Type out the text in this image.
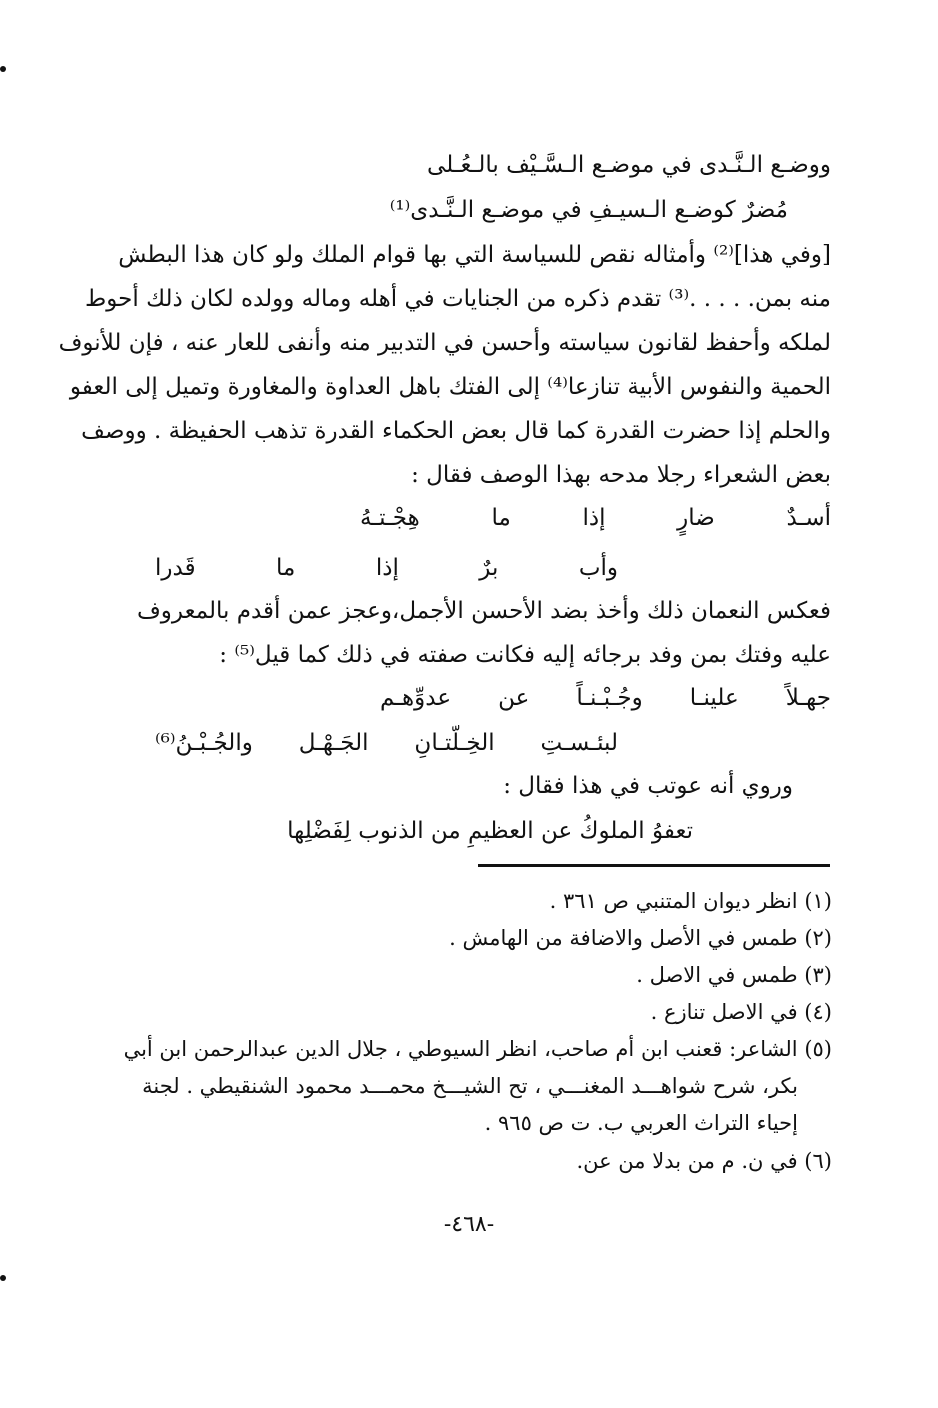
ووضـع الـنَّـدى في موضـع الـسَّـيْف بالـعُـلى
مُضرٌ كوضـع الـسيـفِ في موضـع الـنَّـدى⁽¹⁾
[وفي هذا]⁽²⁾ وأمثاله نقص للسياسة التي بها قوام الملك ولو كان هذا البطش
منه بمن. . . . .⁽³⁾ تقدم ذكره من الجنايات في أهله وماله وولده لكان ذلك أحوط
لملكه وأحفظ لقانون سياسته وأحسن في التدبير منه وأنفى للعار عنه ، فإن للأنوف
الحمية والنفوس الأبية تنازعا⁽⁴⁾ إلى الفتك باهل العداوة والمغاورة وتميل إلى العفو
والحلم إذا حضرت القدرة كما قال بعض الحكماء القدرة تذهب الحفيظة . ووصف
بعض الشعراء رجلا مدحه بهذا الوصف فقال :
أسـدٌ
ضارٍ
إذا
ما
هِجْـتـهُ
وأب
برٌ
إذا
ما
قَدرا
فعكس النعمان ذلك وأخذ بضد الأحسن الأجمل،وعجز عمن أقدم بالمعروف
عليه وفتك بمن وفد برجائه إليه فكانت صفته في ذلك كما قيل⁽⁵⁾ :
جهـلاً
علينـا
وجُـبْـنـاً
عن
عدوِّهـم
لبئـسـتِ
الخِـلّتـانِ
الجَـهْـل
والجُـبْـنُ⁽⁶⁾
وروي أنه عوتب في هذا فقال :
تعفوُ الملوكُ عن العظيمِ من الذنوب لِفَضْلِها
(١) انظر ديوان المتنبي ص ٣٦١ .
(٢) طمس في الأصل والاضافة من الهامش .
(٣) طمس في الاصل .
(٤) في الاصل تنازع .
(٥) الشاعر: قعنب ابن أم صاحب، انظر السيوطي ، جلال الدين عبدالرحمن ابن أبي
بكر، شرح شواهـــد المغنـــي ، تح الشيـــخ محمـــد محمود الشنقيطي . لجنة
إحياء التراث العربي ب. ت ص ٩٦٥ .
(٦) في ن. م من بدلا من عن.
-٤٦٨-
